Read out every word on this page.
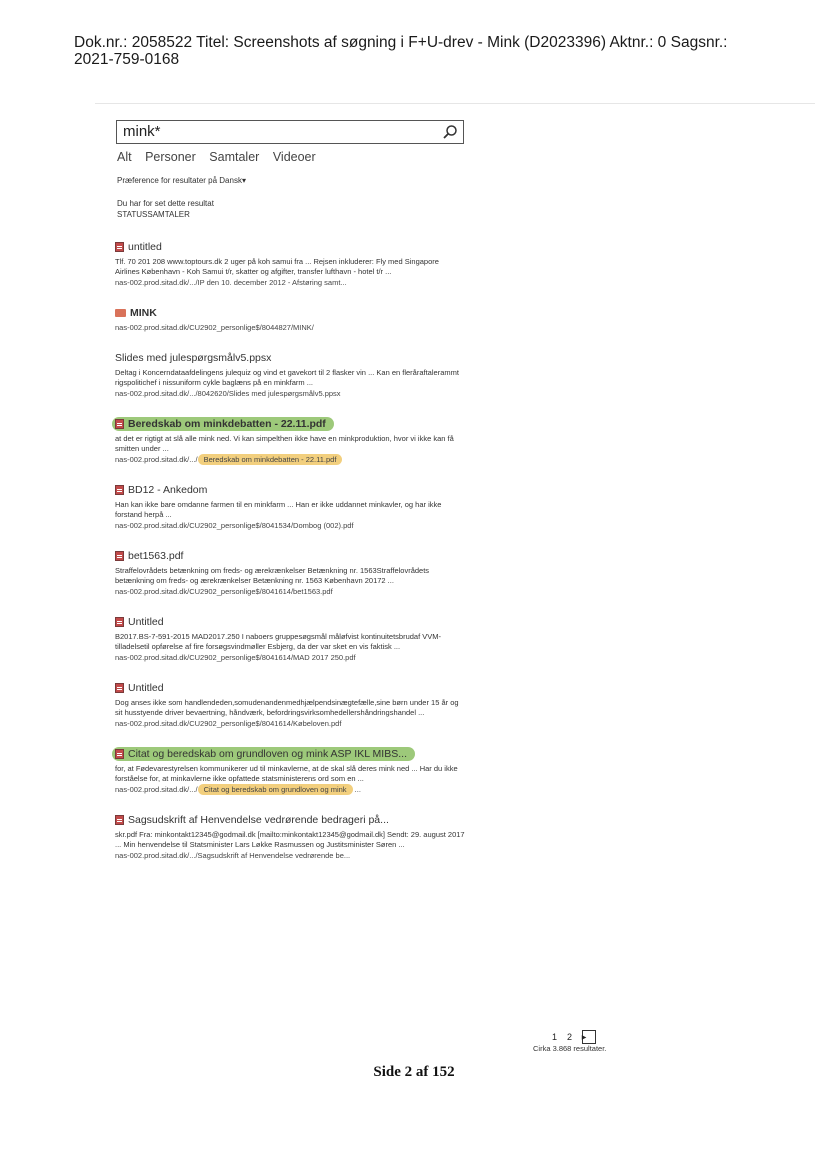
Dok.nr.: 2058522 Titel: Screenshots af søgning i F+U-drev - Mink (D2023396) Aktnr.: 0 Sagsnr.:
2021-759-0168
mink*
Alt Personer Samtaler Videoer
Præference for resultater på Dansk▾
Du har for set dette resultat
STATUSSAMTALER
untitled
Tlf. 70 201 208 www.toptours.dk 2 uger på koh samui fra ... Rejsen inkluderer: Fly med Singapore Airlines København - Koh Samui t/r, skatter og afgifter, transfer lufthavn - hotel t/r ...
nas-002.prod.sitad.dk/.../IP den 10. december 2012 - Afstøring samt...
MINK
nas-002.prod.sitad.dk/CU2902_personlige$/8044827/MINK/
Slides med julespørgsmålv5.ppsx
Deltag i Koncerndataafdelingens julequiz og vind et gavekort til 2 flasker vin ... Kan en fleråraftalerammt rigspolitichef i nissuniform cykle baglæns på en minkfarm ...
nas-002.prod.sitad.dk/.../8042620/Slides med julespørgsmålv5.ppsx
Beredskab om minkdebatten - 22.11.pdf
at det er rigtigt at slå alle mink ned. Vi kan simpelthen ikke have en minkproduktion, hvor vi ikke kan få smitten under ...
nas-002.prod.sitad.dk/.../ Beredskab om minkdebatten - 22.11.pdf
BD12 - Ankedom
Han kan ikke bare omdanne farmen til en minkfarm ... Han er ikke uddannet minkavler, og har ikke forstand herpå ...
nas-002.prod.sitad.dk/CU2902_personlige$/8041534/Dombog (002).pdf
bet1563.pdf
Straffelovrådets betænkning om freds- og ærekrænkelser Betænkning nr. 1563Straffelovrådets betænkning om freds- og ærekrænkelser Betænkning nr. 1563 København 20172 ...
nas-002.prod.sitad.dk/CU2902_personlige$/8041614/bet1563.pdf
Untitled
B2017.BS-7-591-2015 MAD2017.250 I naboers gruppesøgsmål måløfvist kontinuitetsbrudaf VVM-tilladelsetil opførelse af fire forsøgsvindmøller Esbjerg, da der var sket en vis faktisk ...
nas-002.prod.sitad.dk/CU2902_personlige$/8041614/MAD 2017 250.pdf
Untitled
Dog anses ikke som handlendeden,somudenandenmedhjælpendsinægtefælle,sine børn under 15 år og sit husstyende driver bevaertning, håndværk, befordringsvirksomhedellershåndringshandel ...
nas-002.prod.sitad.dk/CU2902_personlige$/8041614/Købeloven.pdf
Citat og beredskab om grundloven og mink ASP IKL MIBS...
for, at Fødevarestyrelsen kommunikerer ud til minkavlerne, at de skal slå deres mink ned ... Har du ikke forståelse for, at minkavlerne ikke opfattede statsministerens ord som en ...
nas-002.prod.sitad.dk/.../ Citat og beredskab om grundloven og mink ...
Sagsudskrift af Henvendelse vedrørende bedrageri på...
skr.pdf Fra: minkontakt12345@godmail.dk [mailto:minkontakt12345@godmail.dk] Sendt: 29. august 2017 ... Min henvendelse til Statsminister Lars Løkke Rasmussen og Justitsminister Søren ...
nas-002.prod.sitad.dk/.../Sagsudskrift af Henvendelse vedrørende be...
1 2 ▶
Cirka 3.868 resultater.
Side 2 af 152
